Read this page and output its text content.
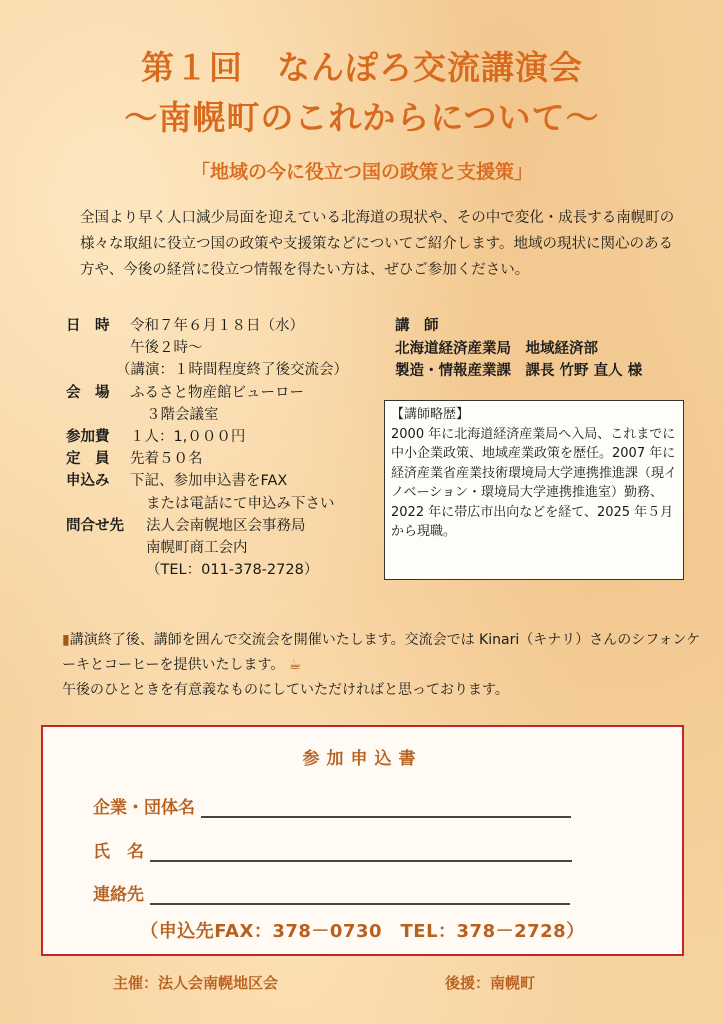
第１回　なんぽろ交流講演会
～南幌町のこれからについて～
「地域の今に役立つ国の政策と支援策」
全国より早く人口減少局面を迎えている北海道の現状や、その中で変化・成長する南幌町の様々な取組に役立つ国の政策や支援策などについてご紹介します。地域の現状に関心のある方や、今後の経営に役立つ情報を得たい方は、ぜひご参加ください。
日　時	令和７年６月１８日（水）
午後２時～
（講演：１時間程度終了後交流会）
会　場	ふるさと物産館ビューロー
３階会議室
参加費	１人：1,０００円
定　員	先着５０名
申込み	下記、参加申込書をFAX
または電話にて申込み下さい
問合せ先	法人会南幌地区会事務局
南幌町商工会内
（TEL：011-378-2728）
講　師
北海道経済産業局　地域経済部
製造・情報産業課　課長 竹野 直人 様
【講師略歴】
2000 年に北海道経済産業局へ入局、これまでに中小企業政策、地域産業政策を歴任。2007 年に経済産業省産業技術環境局大学連携推進課（現イノベーション・環境局大学連携推進室）勤務、2022 年に帯広市出向などを経て、2025 年５月から現職。
▮講演終了後、講師を囲んで交流会を開催いたします。交流会では Kinari（キナリ）さんのシフォンケーキとコーヒーを提供いたします。 ☕
午後のひとときを有意義なものにしていただければと思っております。
参加申込書
企業・団体名
氏　名
連絡先
（申込先FAX：378－0730　TEL：378－2728）
主催：法人会南幌地区会	後援：南幌町
